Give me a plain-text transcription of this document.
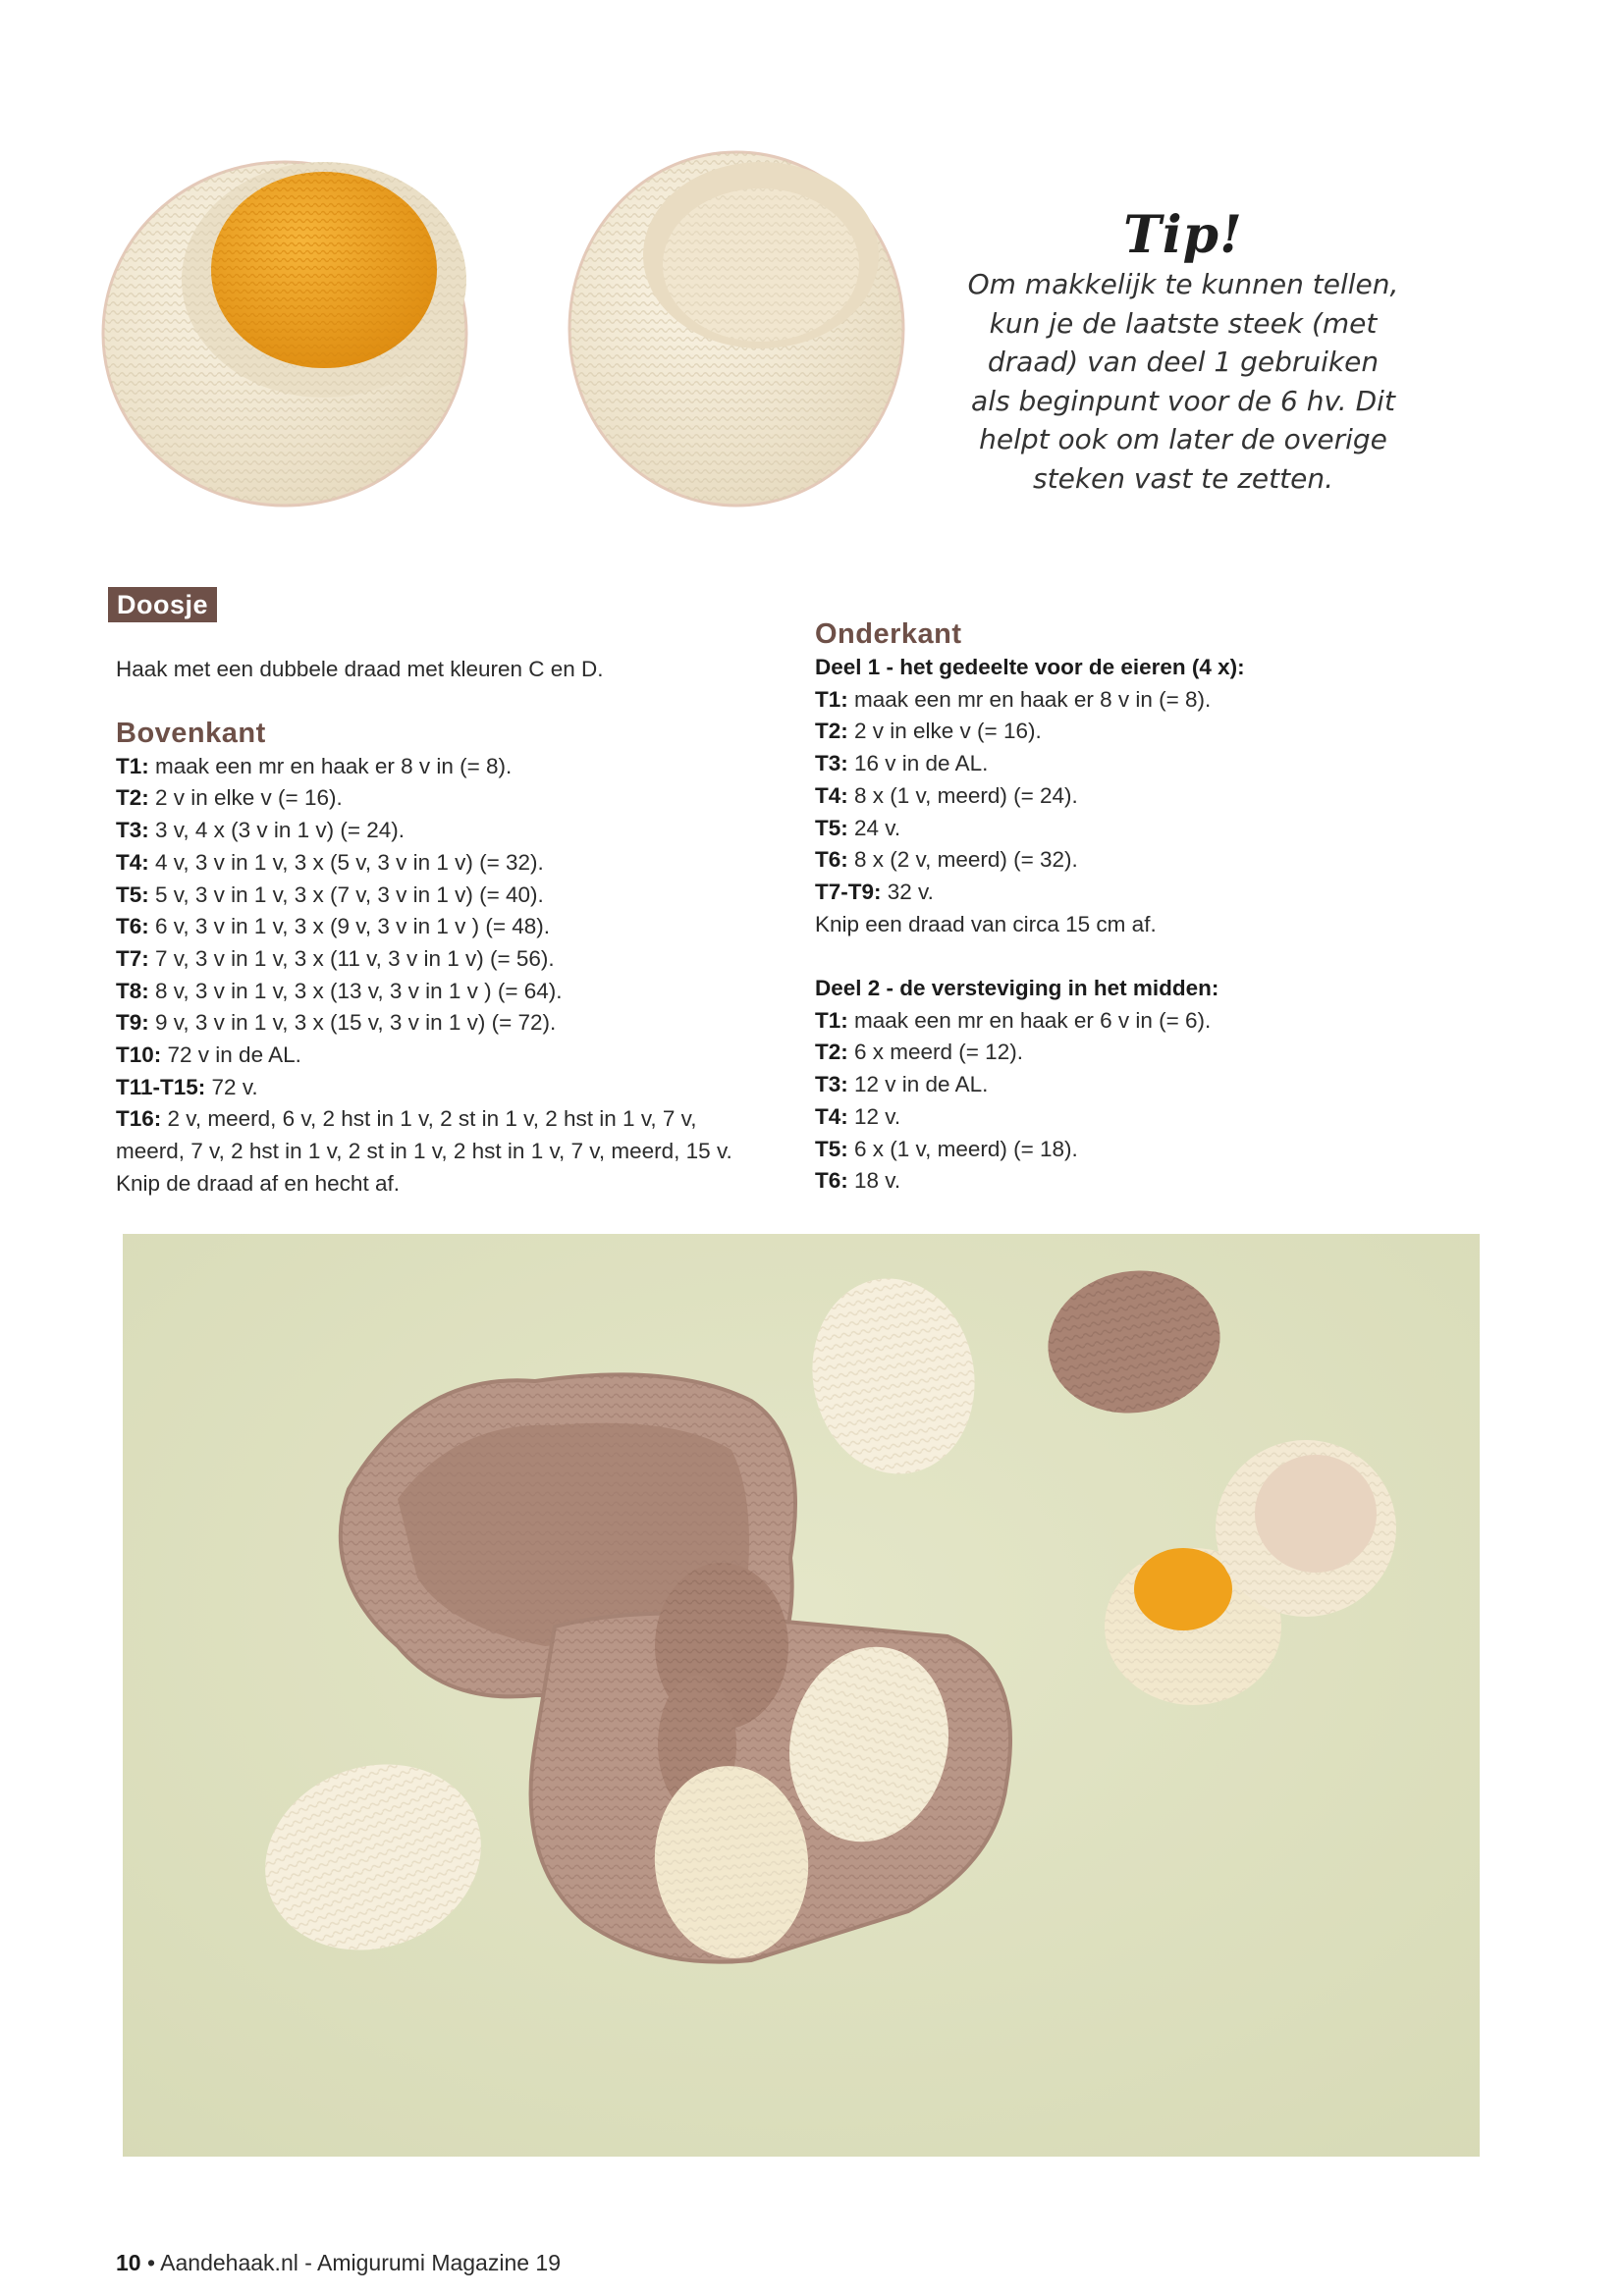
Tip!
Om makkelijk te kunnen tellen,
kun je de laatste steek (met
draad) van deel 1 gebruiken
als beginpunt voor de 6 hv. Dit
helpt ook om later de overige
steken vast te zetten.
Doosje
Haak met een dubbele draad met kleuren C en D.
Bovenkant
T1: maak een mr en haak er 8 v in (= 8).
T2: 2 v in elke v (= 16).
T3: 3 v, 4 x (3 v in 1 v) (= 24).
T4: 4 v, 3 v in 1 v, 3 x (5 v, 3 v in 1 v) (= 32).
T5: 5 v, 3 v in 1 v, 3 x (7 v, 3 v in 1 v) (= 40).
T6: 6 v, 3 v in 1 v, 3 x (9 v, 3 v in 1 v ) (= 48).
T7: 7 v, 3 v in 1 v, 3 x (11 v, 3 v in 1 v) (= 56).
T8: 8 v, 3 v in 1 v, 3 x (13 v, 3 v in 1 v ) (= 64).
T9: 9 v, 3 v in 1 v, 3 x (15 v, 3 v in 1 v) (= 72).
T10: 72 v in de AL.
T11-T15: 72 v.
T16: 2 v, meerd, 6 v, 2 hst in 1 v, 2 st in 1 v, 2 hst in 1 v, 7 v,
meerd, 7 v, 2 hst in 1 v, 2 st in 1 v, 2 hst in 1 v, 7 v, meerd, 15 v.
Knip de draad af en hecht af.
Onderkant
Deel 1 - het gedeelte voor de eieren (4 x):
T1: maak een mr en haak er 8 v in (= 8).
T2: 2 v in elke v (= 16).
T3: 16 v in de AL.
T4: 8 x (1 v, meerd) (= 24).
T5: 24 v.
T6: 8 x (2 v, meerd) (= 32).
T7-T9: 32 v.
Knip een draad van circa 15 cm af.
Deel 2 - de versteviging in het midden:
T1: maak een mr en haak er 6 v in (= 6).
T2: 6 x meerd (= 12).
T3: 12 v in de AL.
T4: 12 v.
T5: 6 x (1 v, meerd) (= 18).
T6: 18 v.
10 • Aandehaak.nl - Amigurumi Magazine 19
